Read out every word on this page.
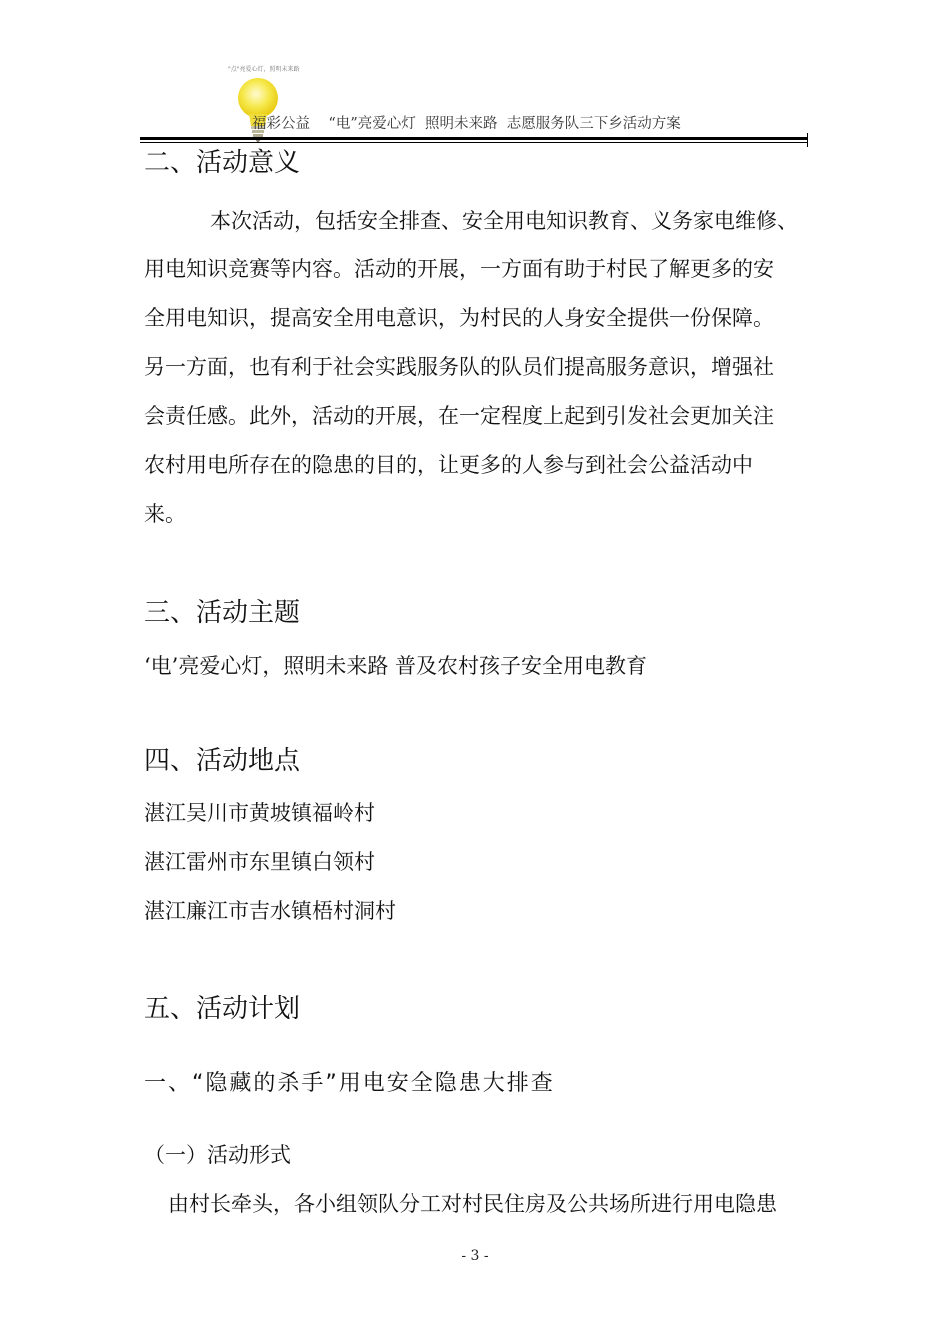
"点"亮爱心灯，照明未来路
福彩公益    “电”亮爱心灯  照明未来路  志愿服务队三下乡活动方案
二、活动意义
本次活动，包括安全排查、安全用电知识教育、义务家电维修、
用电知识竞赛等内容。活动的开展，一方面有助于村民了解更多的安
全用电知识，提高安全用电意识，为村民的人身安全提供一份保障。
另一方面，也有利于社会实践服务队的队员们提高服务意识，增强社
会责任感。此外，活动的开展，在一定程度上起到引发社会更加关注
农村用电所存在的隐患的目的，让更多的人参与到社会公益活动中
来。
三、活动主题
‘电’亮爱心灯，照明未来路 普及农村孩子安全用电教育
四、活动地点
湛江吴川市黄坡镇福岭村
湛江雷州市东里镇白领村
湛江廉江市吉水镇梧村洞村
五、活动计划
一、“隐藏的杀手”用电安全隐患大排查
（一）活动形式
由村长牵头，各小组领队分工对村民住房及公共场所进行用电隐患
- 3 -
